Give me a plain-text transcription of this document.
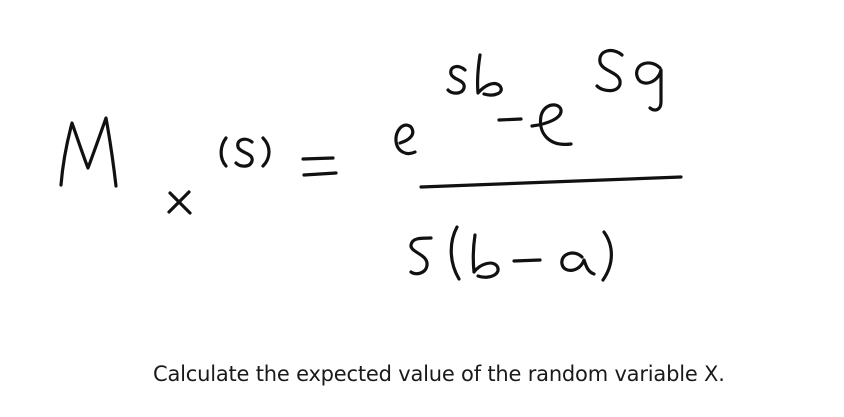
Calculate the expected value of the random variable X.
